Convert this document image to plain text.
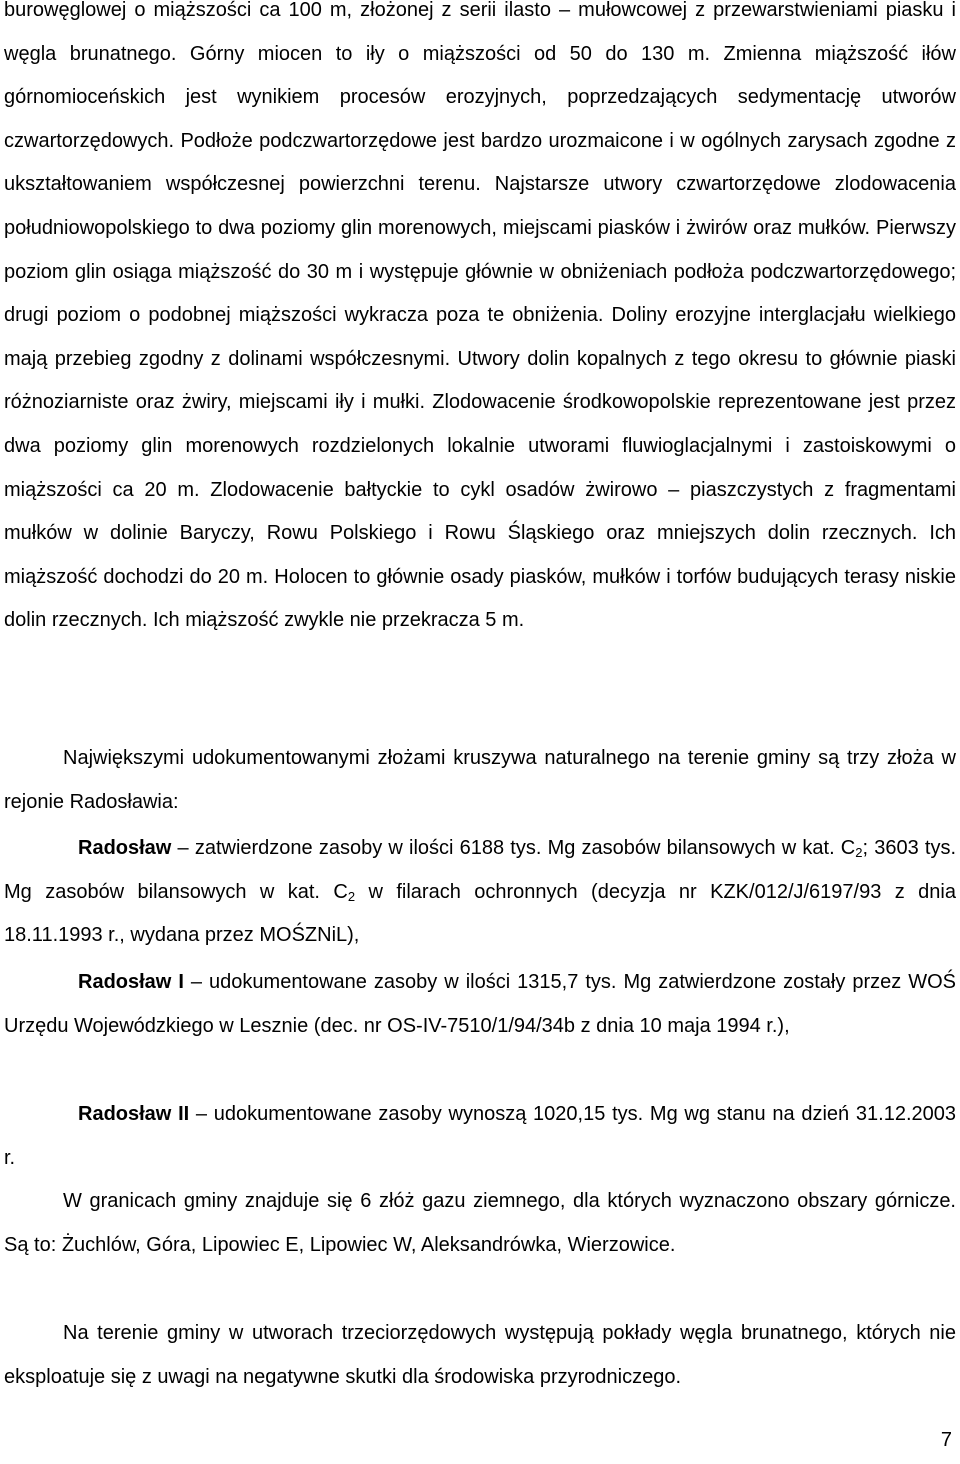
burowęglowej o miąższości ca 100 m, złożonej z serii ilasto – mułowcowej z przewarstwieniami piasku i węgla brunatnego. Górny miocen to iły o miąższości od 50 do 130 m. Zmienna miąższość iłów górnomioceńskich jest wynikiem procesów erozyjnych, poprzedzających sedymentację utworów czwartorzędowych. Podłoże podczwartorzędowe jest bardzo urozmaicone i w ogólnych zarysach zgodne z ukształtowaniem współczesnej powierzchni terenu. Najstarsze utwory czwartorzędowe zlodowacenia południowopolskiego to dwa poziomy glin morenowych, miejscami piasków i żwirów oraz mułków. Pierwszy poziom glin osiąga miąższość do 30 m i występuje głównie w obniżeniach podłoża podczwartorzędowego; drugi poziom o podobnej miąższości wykracza poza te obniżenia. Doliny erozyjne interglacjału wielkiego mają przebieg zgodny z dolinami współczesnymi. Utwory dolin kopalnych z tego okresu to głównie piaski różnoziarniste oraz żwiry, miejscami iły i mułki. Zlodowacenie środkowopolskie reprezentowane jest przez dwa poziomy glin morenowych rozdzielonych lokalnie utworami fluwioglacjalnymi i zastoiskowymi o miąższości ca 20 m. Zlodowacenie bałtyckie to cykl osadów żwirowo – piaszczystych z fragmentami mułków w dolinie Baryczy, Rowu Polskiego i Rowu Śląskiego oraz mniejszych dolin rzecznych. Ich miąższość dochodzi do 20 m. Holocen to głównie osady piasków, mułków i torfów budujących terasy niskie dolin rzecznych. Ich miąższość zwykle nie przekracza 5 m.

Największymi udokumentowanymi złożami kruszywa naturalnego na terenie gminy są trzy złoża w rejonie Radosławia:

Radosław – zatwierdzone zasoby w ilości 6188 tys. Mg zasobów bilansowych w kat. $C_2$; 3603 tys. Mg zasobów bilansowych w kat. $C_2$ w filarach ochronnych (decyzja nr KZK/012/J/6197/93 z dnia 18.11.1993 r., wydana przez MOŚZNiL),

Radosław I – udokumentowane zasoby w ilości 1315,7 tys. Mg zatwierdzone zostały przez WOŚ Urzędu Wojewódzkiego w Lesznie (dec. nr OS-IV-7510/1/94/34b z dnia 10 maja 1994 r.),

Radosław II – udokumentowane zasoby wynoszą 1020,15 tys. Mg wg stanu na dzień 31.12.2003 r.

W granicach gminy znajduje się 6 złóż gazu ziemnego, dla których wyznaczono obszary górnicze. Są to: Żuchlów, Góra, Lipowiec E, Lipowiec W, Aleksandrówka, Wierzowice.

Na terenie gminy w utworach trzeciorzędowych występują pokłady węgla brunatnego, których nie eksploatuje się z uwagi na negatywne skutki dla środowiska przyrodniczego.

7
